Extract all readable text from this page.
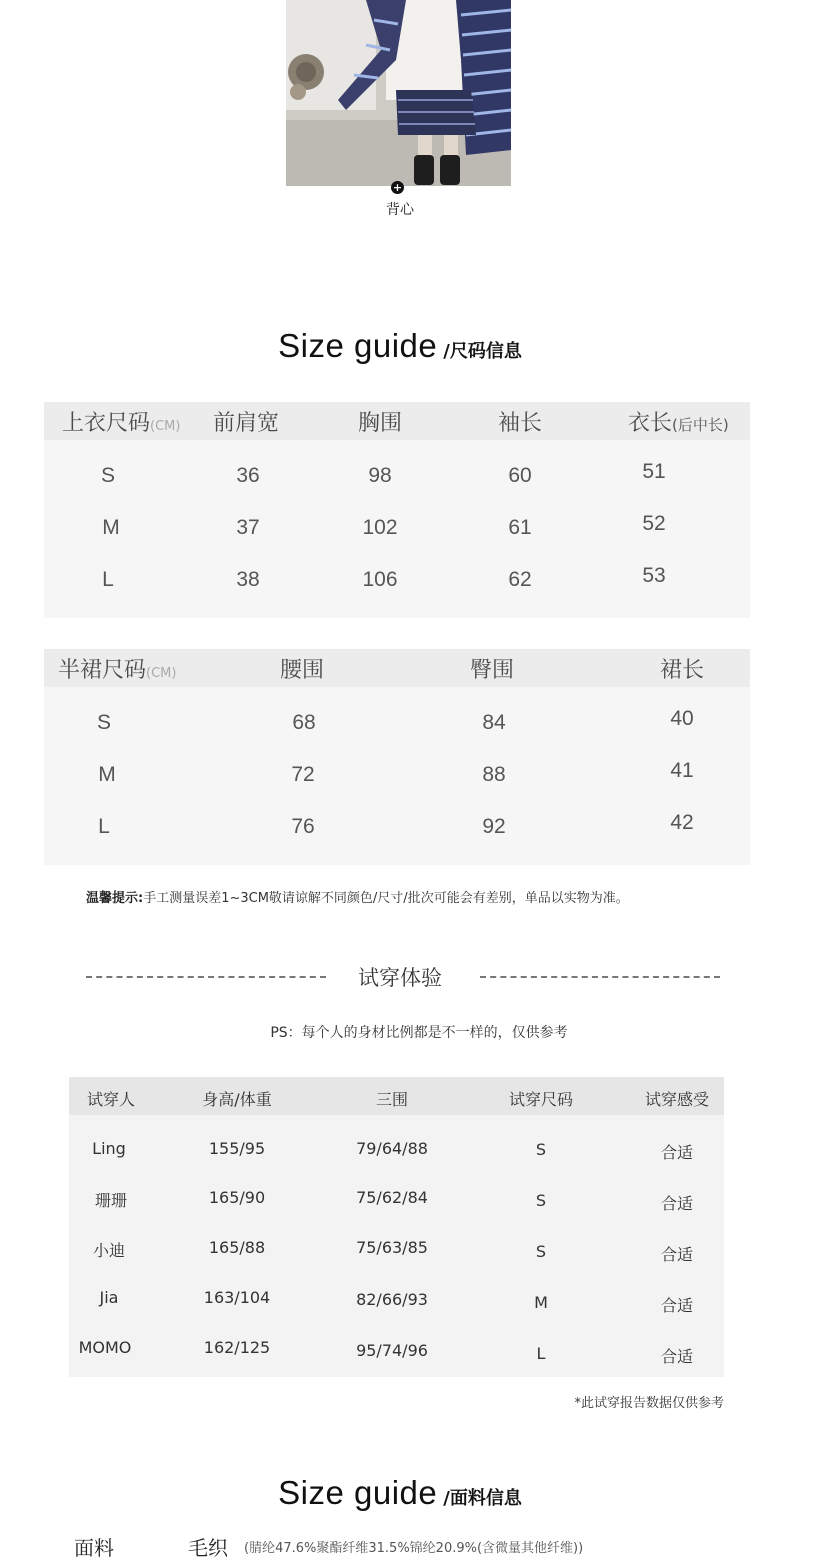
+
背心
Size guide /尺码信息
上衣尺码(CM)	前肩宽	胸围	袖长	衣长(后中长)
S	36	98	60	51
M	37	102	61	52
L	38	106	62	53
半裙尺码(CM)	腰围	臀围	裙长
S	68	84	40
M	72	88	41
L	76	92	42
温馨提示:手工测量误差1~3CM敬请谅解不同颜色/尺寸/批次可能会有差别，单品以实物为准。
试穿体验
PS：每个人的身材比例都是不一样的，仅供参考
试穿人	身高/体重	三围	试穿尺码	试穿感受
Ling	155/95	79/64/88	S	合适
珊珊	165/90	75/62/84	S	合适
小迪	165/88	75/63/85	S	合适
Jia	163/104	82/66/93	M	合适
MOMO	162/125	95/74/96	L	合适
*此试穿报告数据仅供参考
Size guide /面料信息
面料	毛织 (腈纶47.6%聚酯纤维31.5%锦纶20.9%(含微量其他纤维))
